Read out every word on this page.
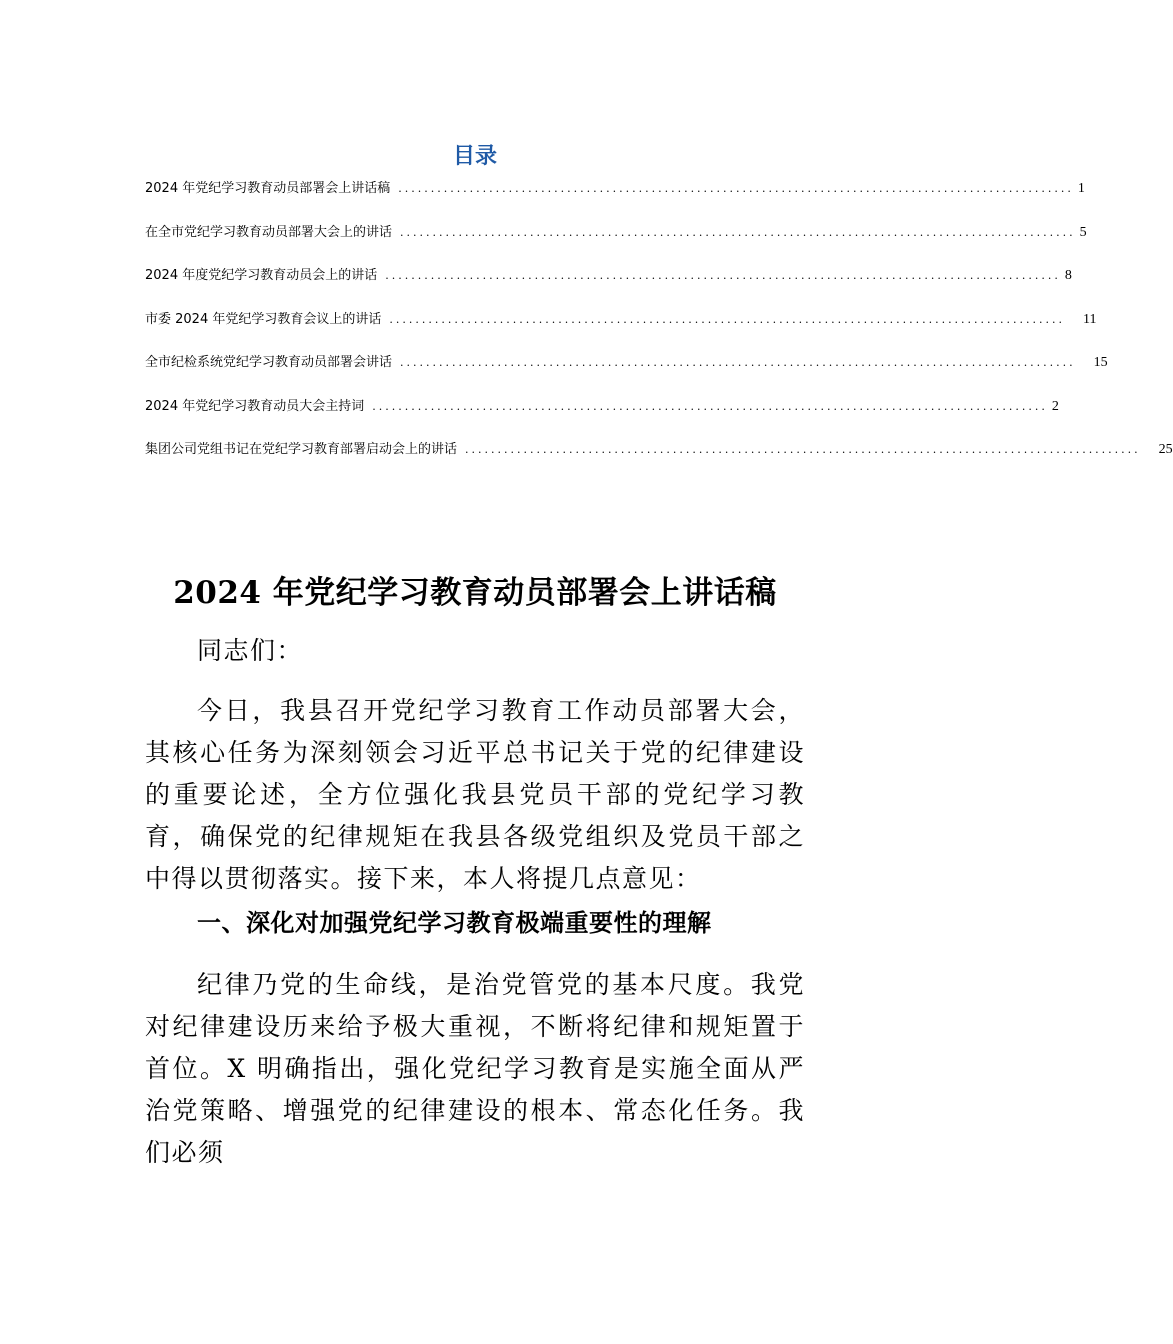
目录
2024 年党纪学习教育动员部署会上讲话稿 ........................................................................................................ 1
在全市党纪学习教育动员部署大会上的讲话 ........................................................................................................ 5
2024 年度党纪学习教育动员会上的讲话 ........................................................................................................ 8
市委 2024 年党纪学习教育会议上的讲话 ........................................................................................................ 11
全市纪检系统党纪学习教育动员部署会讲话 ........................................................................................................ 15
2024 年党纪学习教育动员大会主持词 ........................................................................................................ 2
集团公司党组书记在党纪学习教育部署启动会上的讲话 ........................................................................................................ 25
2024 年党纪学习教育动员部署会上讲话稿

同志们：

今日，我县召开党纪学习教育工作动员部署大会，其核心任务为深刻领会习近平总书记关于党的纪律建设的重要论述，全方位强化我县党员干部的党纪学习教育，确保党的纪律规矩在我县各级党组织及党员干部之中得以贯彻落实。接下来，本人将提几点意见：

一、深化对加强党纪学习教育极端重要性的理解

纪律乃党的生命线，是治党管党的基本尺度。我党对纪律建设历来给予极大重视，不断将纪律和规矩置于首位。X 明确指出，强化党纪学习教育是实施全面从严治党策略、增强党的纪律建设的根本、常态化任务。我们必须
